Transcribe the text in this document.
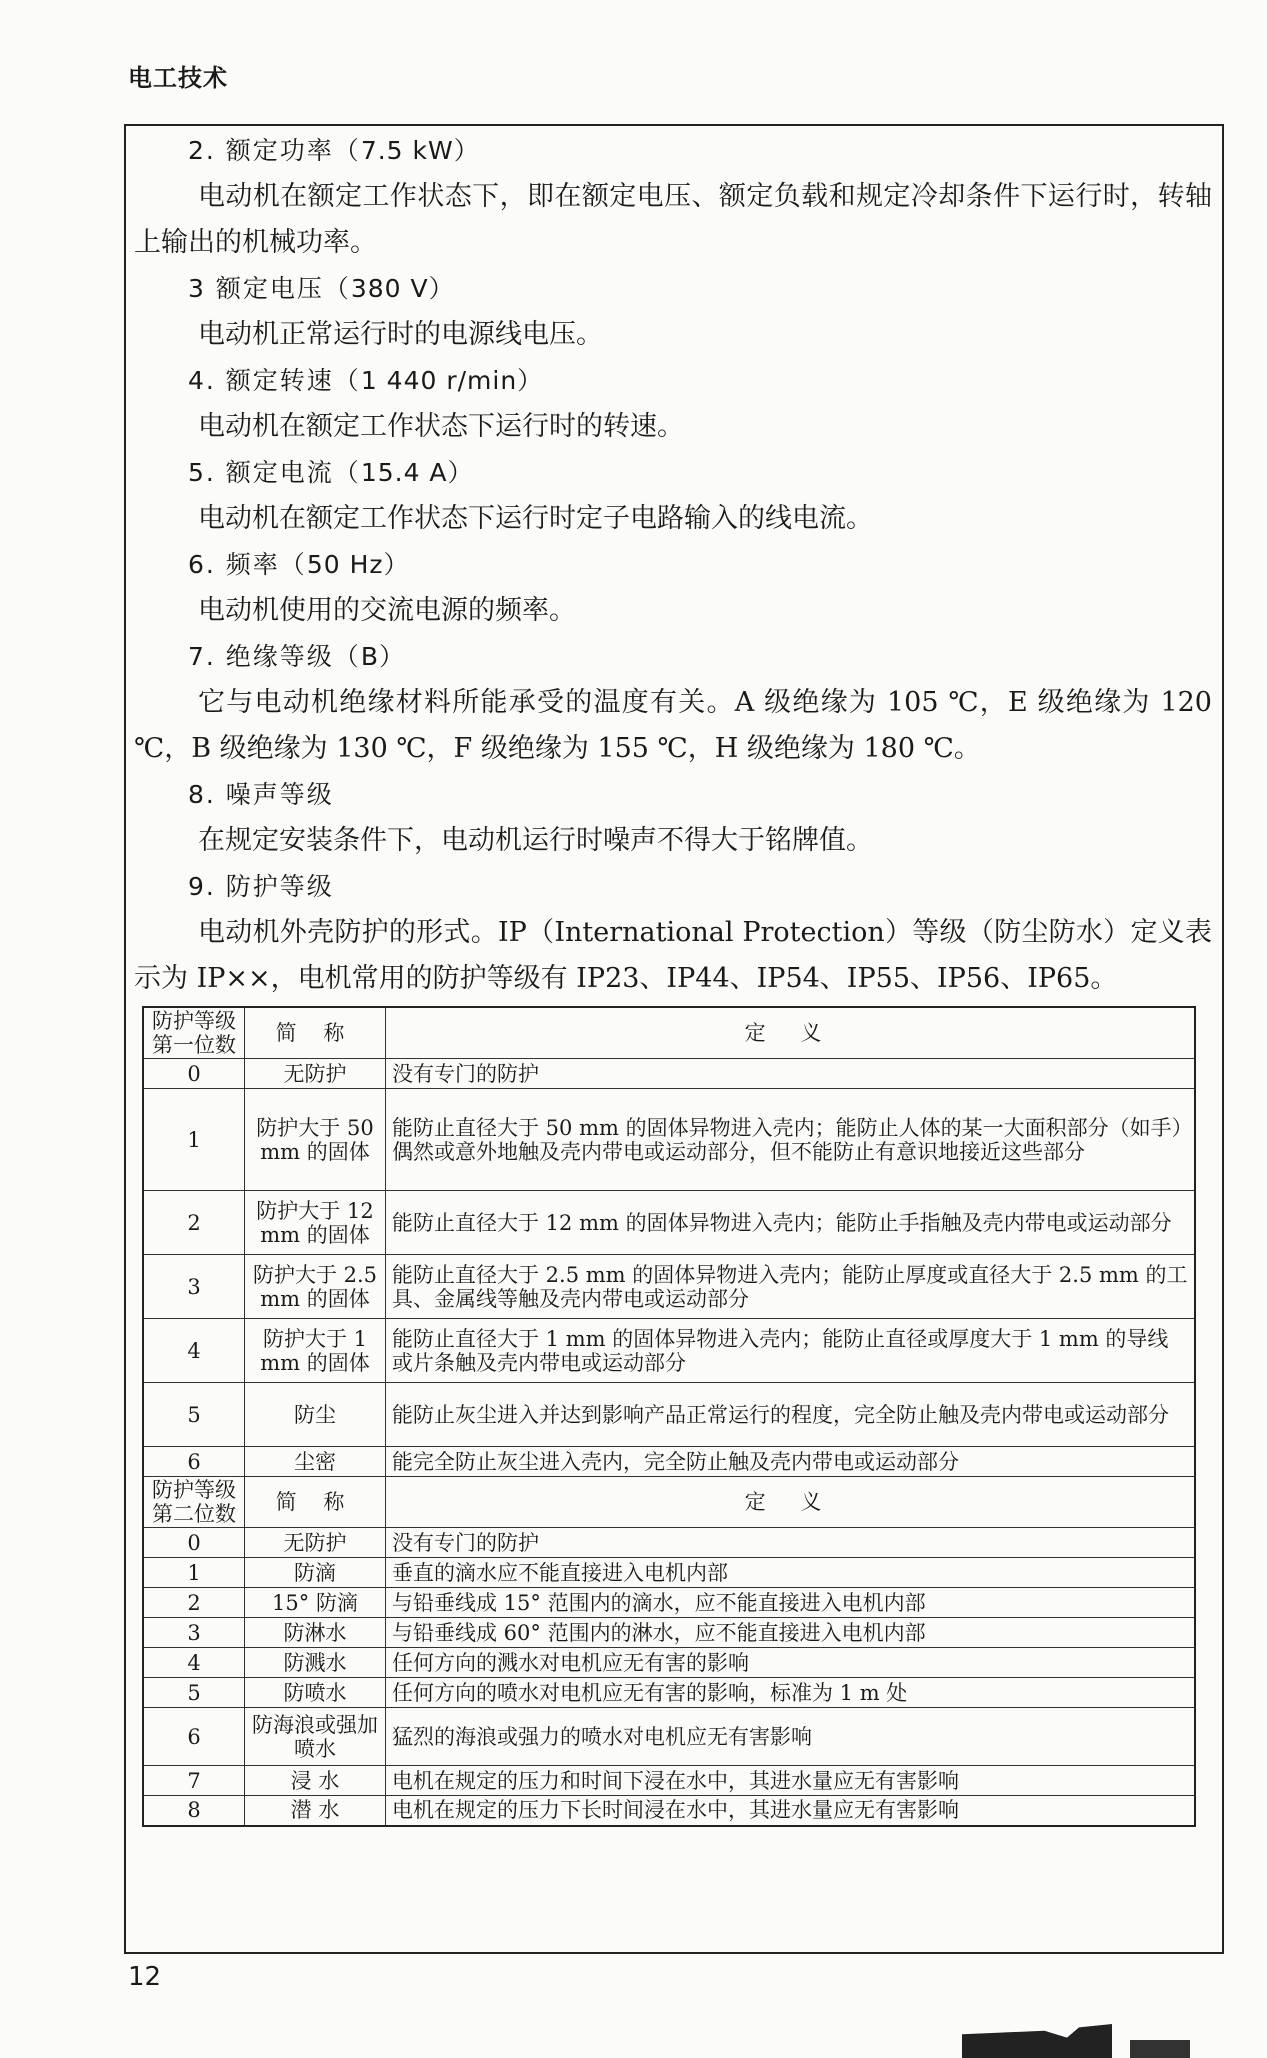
电工技术

2. 额定功率（7.5 kW）

电动机在额定工作状态下，即在额定电压、额定负载和规定冷却条件下运行时，转轴上输出的机械功率。

3 额定电压（380 V）

电动机正常运行时的电源线电压。

4. 额定转速（1 440 r/min）

电动机在额定工作状态下运行时的转速。

5. 额定电流（15.4 A）

电动机在额定工作状态下运行时定子电路输入的线电流。

6. 频率（50 Hz）

电动机使用的交流电源的频率。

7. 绝缘等级（B）

它与电动机绝缘材料所能承受的温度有关。A 级绝缘为 105 ℃，E 级绝缘为 120 ℃，B 级绝缘为 130 ℃，F 级绝缘为 155 ℃，H 级绝缘为 180 ℃。

8. 噪声等级

在规定安装条件下，电动机运行时噪声不得大于铭牌值。

9. 防护等级

电动机外壳防护的形式。IP（International Protection）等级（防尘防水）定义表示为 IP××，电机常用的防护等级有 IP23、IP44、IP54、IP55、IP56、IP65。

防护等级第一位数	简 称	定 义
0	无防护	没有专门的防护
1	防护大于 50 mm 的固体	能防止直径大于 50 mm 的固体异物进入壳内；能防止人体的某一大面积部分（如手）偶然或意外地触及壳内带电或运动部分，但不能防止有意识地接近这些部分
2	防护大于 12 mm 的固体	能防止直径大于 12 mm 的固体异物进入壳内；能防止手指触及壳内带电或运动部分
3	防护大于 2.5 mm 的固体	能防止直径大于 2.5 mm 的固体异物进入壳内；能防止厚度或直径大于 2.5 mm 的工具、金属线等触及壳内带电或运动部分
4	防护大于 1 mm 的固体	能防止直径大于 1 mm 的固体异物进入壳内；能防止直径或厚度大于 1 mm 的导线或片条触及壳内带电或运动部分
5	防尘	能防止灰尘进入并达到影响产品正常运行的程度，完全防止触及壳内带电或运动部分
6	尘密	能完全防止灰尘进入壳内，完全防止触及壳内带电或运动部分
防护等级第二位数	简 称	定 义
0	无防护	没有专门的防护
1	防滴	垂直的滴水应不能直接进入电机内部
2	15° 防滴	与铅垂线成 15° 范围内的滴水，应不能直接进入电机内部
3	防淋水	与铅垂线成 60° 范围内的淋水，应不能直接进入电机内部
4	防溅水	任何方向的溅水对电机应无有害的影响
5	防喷水	任何方向的喷水对电机应无有害的影响，标准为 1 m 处
6	防海浪或强加喷水	猛烈的海浪或强力的喷水对电机应无有害影响
7	浸 水	电机在规定的压力和时间下浸在水中，其进水量应无有害影响
8	潜 水	电机在规定的压力下长时间浸在水中，其进水量应无有害影响
12
